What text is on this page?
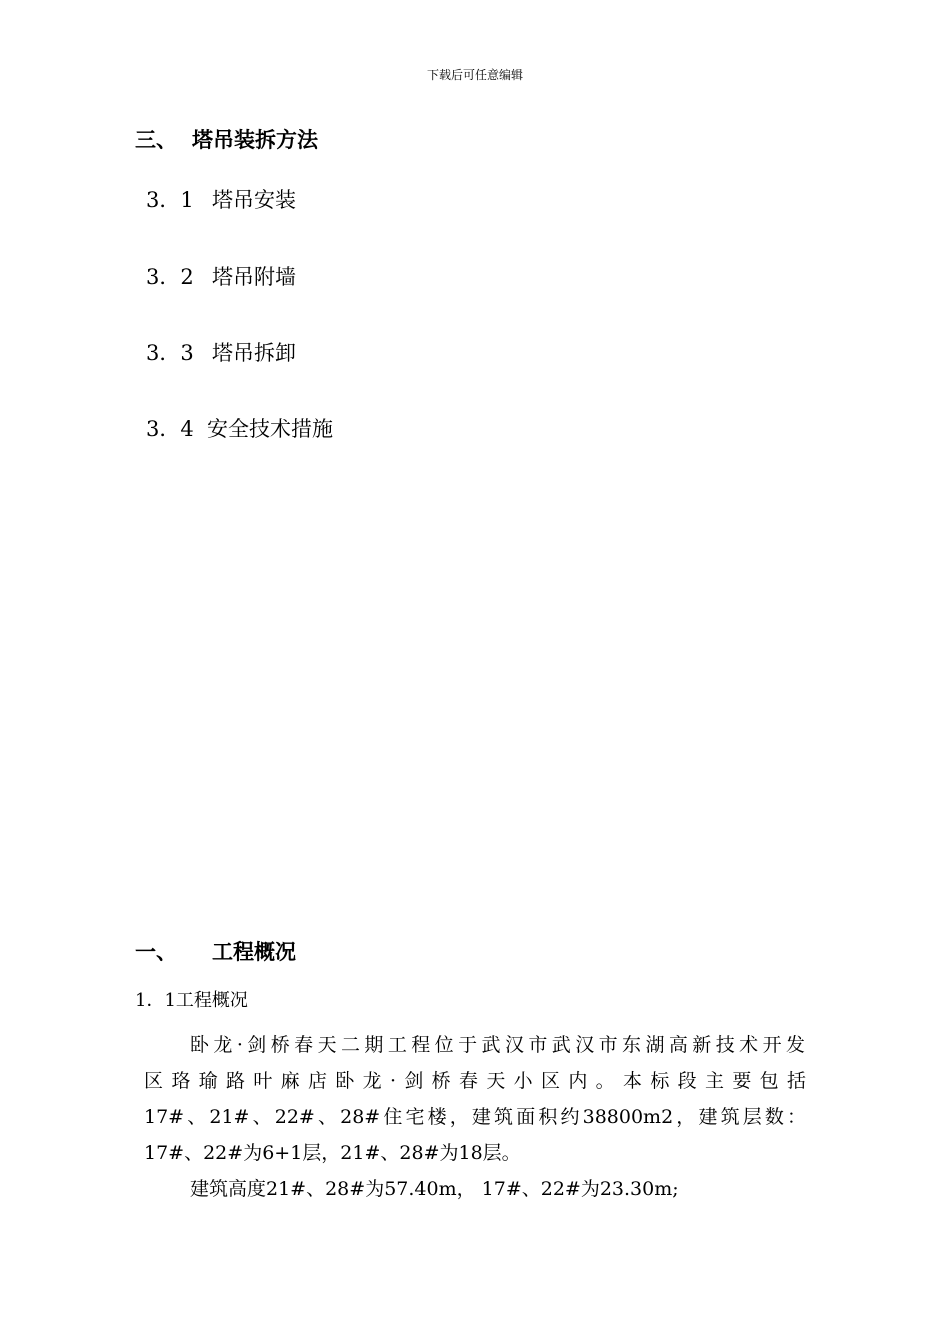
下载后可任意编辑
三、 塔吊装拆方法
3．1 塔吊安装
3．2 塔吊附墙
3．3 塔吊拆卸
3．4 安全技术措施
一、 工程概况
1．1工程概况
卧龙·剑桥春天二期工程位于武汉市武汉市东湖高新技术开发
区珞瑜路叶麻店卧龙·剑桥春天小区内。本标段主要包括
17#、21#、22#、28#住宅楼，建筑面积约38800m2，建筑层数：
17#、22#为6+1层，21#、28#为18层。
建筑高度21#、28#为57.40m， 17#、22#为23.30m;
